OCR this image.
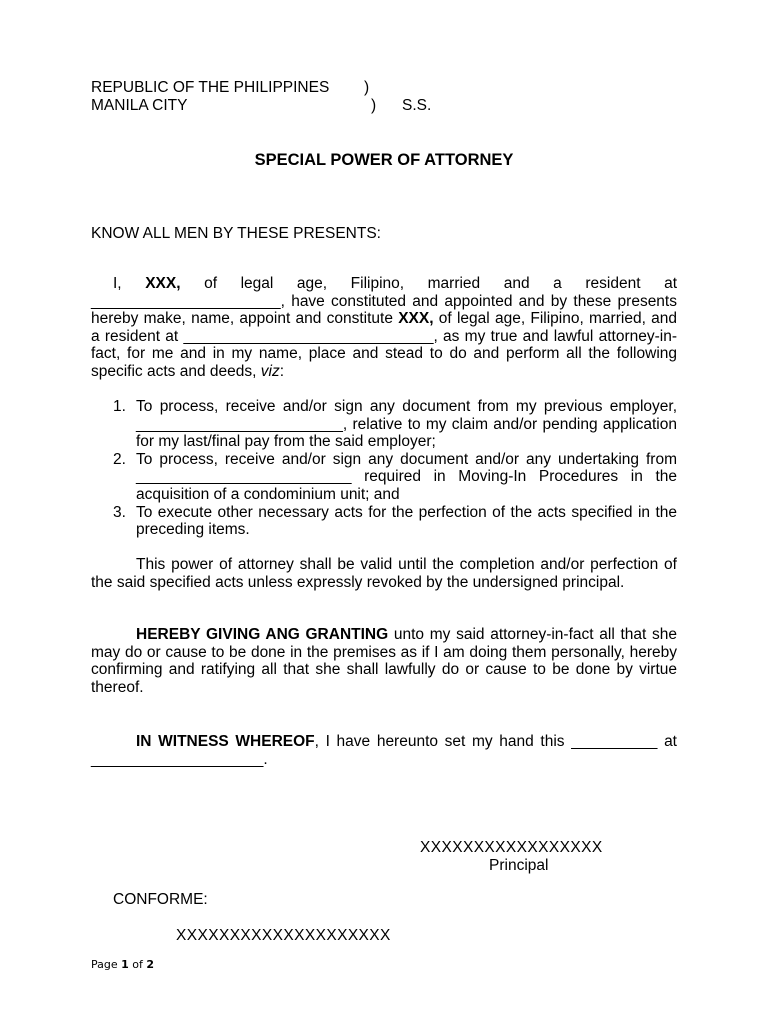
REPUBLIC OF THE PHILIPPINES )
MANILA CITY	) S.S.
SPECIAL POWER OF ATTORNEY
KNOW ALL MEN BY THESE PRESENTS:
I, XXX, of legal age, Filipino, married and a resident at ______________________, have constituted and appointed and by these presents hereby make, name, appoint and constitute XXX, of legal age, Filipino, married, and a resident at _____________________________, as my true and lawful attorney-in-fact, for me and in my name, place and stead to do and perform all the following specific acts and deeds, viz:
1. To process, receive and/or sign any document from my previous employer, ________________________, relative to my claim and/or pending application for my last/final pay from the said employer;
2. To process, receive and/or sign any document and/or any undertaking from _________________________ required in Moving-In Procedures in the acquisition of a condominium unit; and
3. To execute other necessary acts for the perfection of the acts specified in the preceding items.
This power of attorney shall be valid until the completion and/or perfection of the said specified acts unless expressly revoked by the undersigned principal.
HEREBY GIVING ANG GRANTING unto my said attorney-in-fact all that she may do or cause to be done in the premises as if I am doing them personally, hereby confirming and ratifying all that she shall lawfully do or cause to be done by virtue thereof.
IN WITNESS WHEREOF, I have hereunto set my hand this __________ at ____________________.
XXXXXXXXXXXXXXXXX
Principal
CONFORME:
XXXXXXXXXXXXXXXXXXXX
Page 1 of 2
